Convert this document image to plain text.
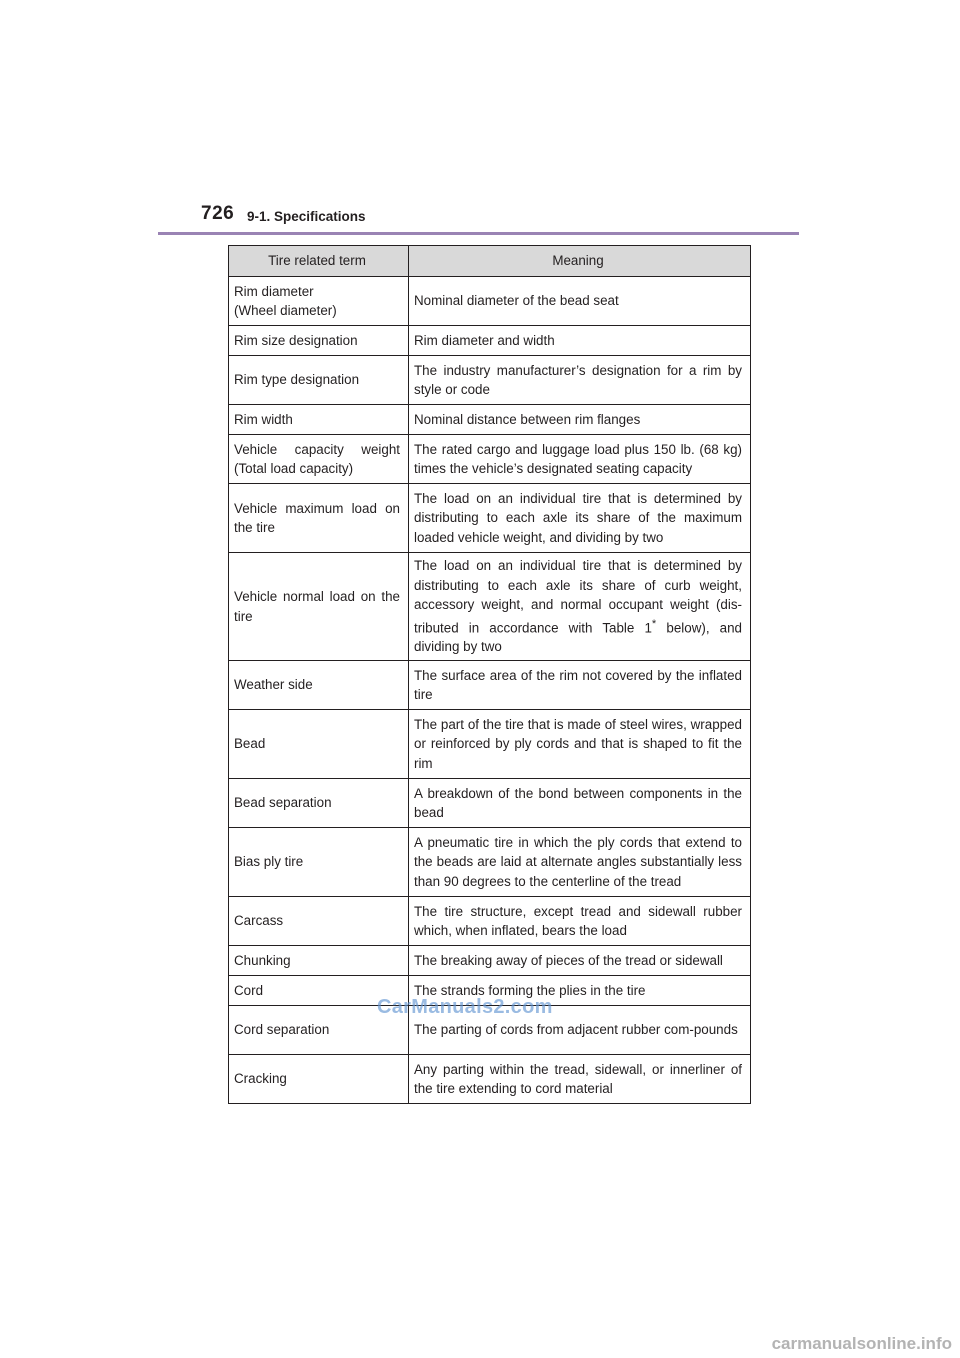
726 9-1. Specifications
Tire related term	Meaning
Rim diameter
(Wheel diameter)	Nominal diameter of the bead seat
Rim size designation	Rim diameter and width
Rim type designation	The industry manufacturer’s designation for a rim by style or code
Rim width	Nominal distance between rim flanges
Vehicle capacity weight (Total load capacity)	The rated cargo and luggage load plus 150 lb. (68 kg) times the vehicle’s designated seating capacity
Vehicle maximum load on the tire	The load on an individual tire that is determined by distributing to each axle its share of the maximum loaded vehicle weight, and dividing by two
Vehicle normal load on the tire	The load on an individual tire that is determined by distributing to each axle its share of curb weight, accessory weight, and normal occupant weight (dis-tributed in accordance with Table 1* below), and dividing by two
Weather side	The surface area of the rim not covered by the inflated tire
Bead	The part of the tire that is made of steel wires, wrapped or reinforced by ply cords and that is shaped to fit the rim
Bead separation	A breakdown of the bond between components in the bead
Bias ply tire	A pneumatic tire in which the ply cords that extend to the beads are laid at alternate angles substantially less than 90 degrees to the centerline of the tread
Carcass	The tire structure, except tread and sidewall rubber which, when inflated, bears the load
Chunking	The breaking away of pieces of the tread or sidewall
Cord	The strands forming the plies in the tire
Cord separation	The parting of cords from adjacent rubber com-pounds
Cracking	Any parting within the tread, sidewall, or innerliner of the tire extending to cord material
CarManuals2.com
carmanualsonline.info
